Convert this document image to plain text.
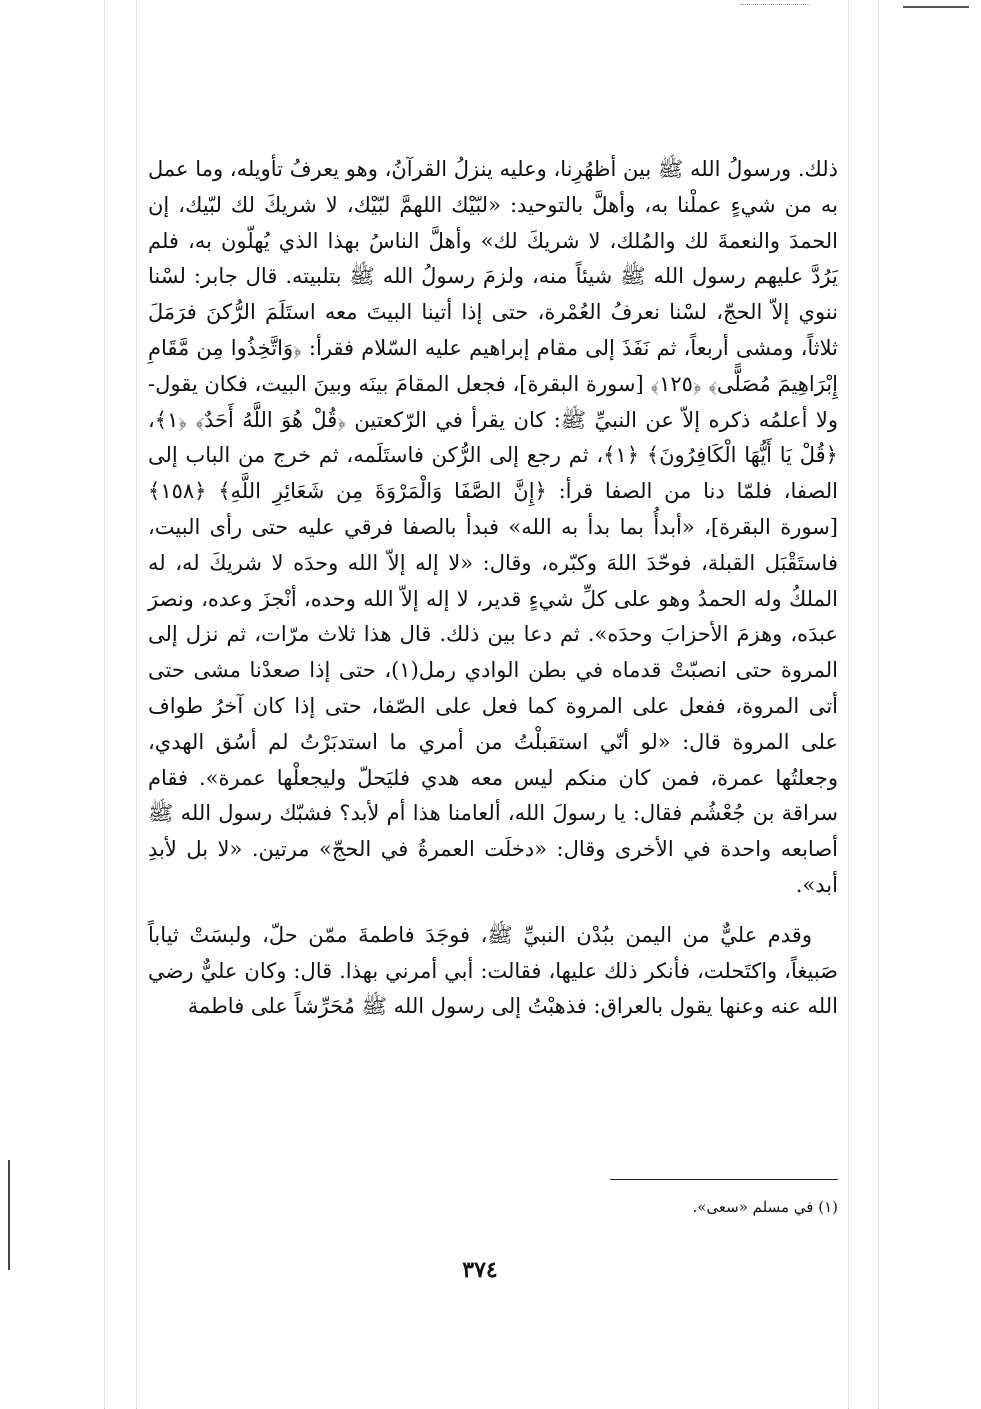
ذلك. ورسولُ الله ﷺ بين أظهُرِنا، وعليه ينزلُ القرآنُ، وهو يعرفُ تأويله، وما عمل به من شيءٍ عملْنا به، وأهلَّ بالتوحيد: «لبّيْك اللهمَّ لبّيْك، لا شريكَ لك لبّيك، إن الحمدَ والنعمةَ لك والمُلك، لا شريكَ لك» وأهلَّ الناسُ بهذا الذي يُهلّون به، فلم يَرُدَّ عليهم رسول الله ﷺ شيئاً منه، ولزمَ رسولُ الله ﷺ بتلبيته. قال جابر: لسْنا ننوي إلاّ الحجّ، لسْنا نعرفُ العُمْرة، حتى إذا أتينا البيتَ معه استَلَمَ الرُّكنَ فرَمَلَ ثلاثاً، ومشى أربعاً، ثم نَفَذَ إلى مقام إبراهيم عليه السّلام فقرأ: ﴿وَاتَّخِذُوا مِن مَّقَامِ إِبْرَاهِيمَ مُصَلًّى﴾ ﴿١٢٥﴾ [سورة البقرة]، فجعل المقامَ بينَه وبينَ البيت، فكان يقول- ولا أعلمُه ذكره إلاّ عن النبيِّ ﷺ: كان يقرأ في الرّكعتين ﴿قُلْ هُوَ اللَّهُ أَحَدٌ﴾ ﴿١﴾، ﴿قُلْ يَا أَيُّهَا الْكَافِرُونَ﴾ ﴿١﴾، ثم رجع إلى الرُّكن فاستَلَمه، ثم خرج من الباب إلى الصفا، فلمّا دنا من الصفا قرأ: ﴿إِنَّ الصَّفَا وَالْمَرْوَةَ مِن شَعَائِرِ اللَّهِ﴾ ﴿١٥٨﴾ [سورة البقرة]، «أبدأُ بما بدأ به الله» فبدأ بالصفا فرقي عليه حتى رأى البيت، فاستَقْبَل القبلة، فوحّدَ اللهَ وكبّره، وقال: «لا إله إلاّ الله وحدَه لا شريكَ له، له الملكُ وله الحمدُ وهو على كلِّ شيءٍ قدير، لا إله إلاّ الله وحده، أنْجزَ وعده، ونصرَ عبدَه، وهزمَ الأحزابَ وحدَه». ثم دعا بين ذلك. قال هذا ثلاث مرّات، ثم نزل إلى المروة حتى انصبّتْ قدماه في بطن الوادي رمل(١)، حتى إذا صعدْنا مشى حتى أتى المروة، ففعل على المروة كما فعل على الصّفا، حتى إذا كان آخرُ طواف على المروة قال: «لو أنّي استقبلْتُ من أمري ما استدبَرْتُ لم أسُق الهدي، وجعلتُها عمرة، فمن كان منكم ليس معه هدي فليَحلّ وليجعلْها عمرة». فقام سراقة بن جُعْشُم فقال: يا رسولَ الله، ألعامنا هذا أم لأبد؟ فشبّك رسول الله ﷺ أصابعه واحدة في الأخرى وقال: «دخلَت العمرةُ في الحجّ» مرتين. «لا بل لأبدِ أبد».

وقدم عليٌّ من اليمن ببُدْن النبيِّ ﷺ، فوجَدَ فاطمةَ ممّن حلّ، ولبسَتْ ثياباً صَبيغاً، واكتَحلت، فأنكر ذلك عليها، فقالت: أبي أمرني بهذا. قال: وكان عليٌّ رضي الله عنه وعنها يقول بالعراق: فذهبْتُ إلى رسول الله ﷺ مُحَرِّشاً على فاطمة

(١) في مسلم «سعى».
٣٧٤
